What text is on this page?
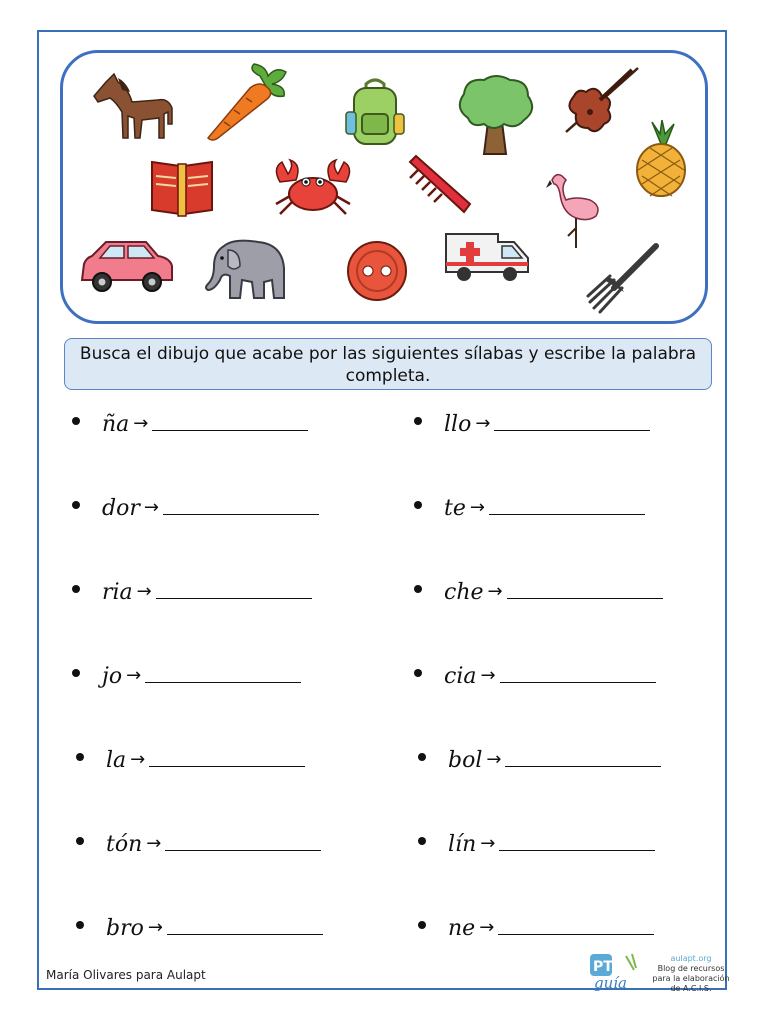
Busca el dibujo que acabe por las siguientes sílabas y escribe la palabra completa.
ña →
dor →
ria →
jo →
la →
tón →
bro →
llo →
te →
che →
cia →
bol →
lín →
ne →
María Olivares para Aulapt	PT
guía
aulapt.org
Blog de recursos para la elaboración de A.C.I.S.
